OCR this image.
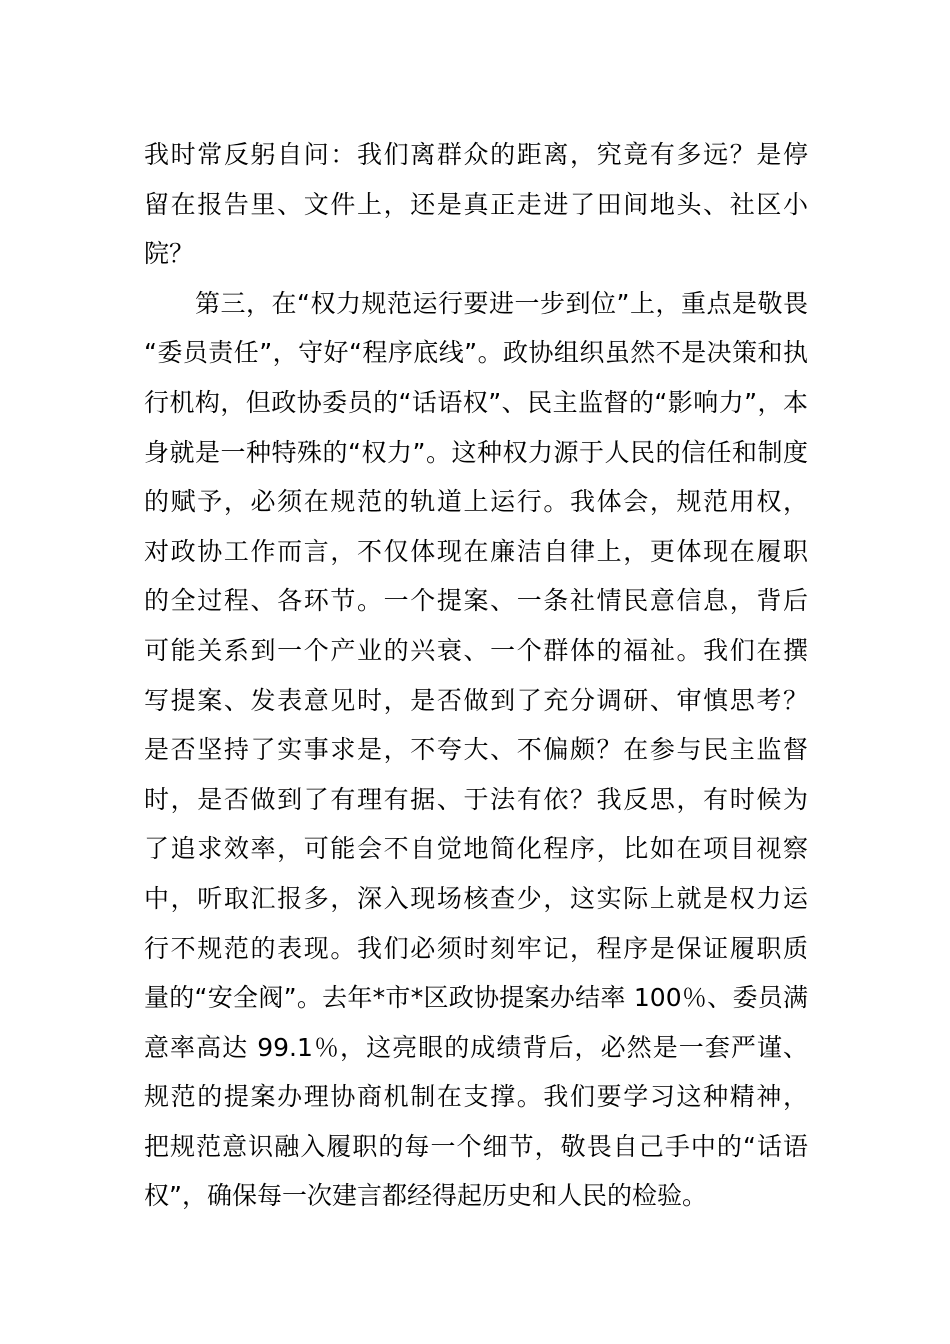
我时常反躬自问：我们离群众的距离，究竟有多远？是停
留在报告里、文件上，还是真正走进了田间地头、社区小
院？
　　第三，在“权力规范运行要进一步到位”上，重点是敬畏
“委员责任”，守好“程序底线”。政协组织虽然不是决策和执
行机构，但政协委员的“话语权”、民主监督的“影响力”，本
身就是一种特殊的“权力”。这种权力源于人民的信任和制度
的赋予，必须在规范的轨道上运行。我体会，规范用权，
对政协工作而言，不仅体现在廉洁自律上，更体现在履职
的全过程、各环节。一个提案、一条社情民意信息，背后
可能关系到一个产业的兴衰、一个群体的福祉。我们在撰
写提案、发表意见时，是否做到了充分调研、审慎思考？
是否坚持了实事求是，不夸大、不偏颇？在参与民主监督
时，是否做到了有理有据、于法有依？我反思，有时候为
了追求效率，可能会不自觉地简化程序，比如在项目视察
中，听取汇报多，深入现场核查少，这实际上就是权力运
行不规范的表现。我们必须时刻牢记，程序是保证履职质
量的“安全阀”。去年*市*区政协提案办结率 100％、委员满
意率高达 99.1％，这亮眼的成绩背后，必然是一套严谨、
规范的提案办理协商机制在支撑。我们要学习这种精神，
把规范意识融入履职的每一个细节，敬畏自己手中的“话语
权”，确保每一次建言都经得起历史和人民的检验。
